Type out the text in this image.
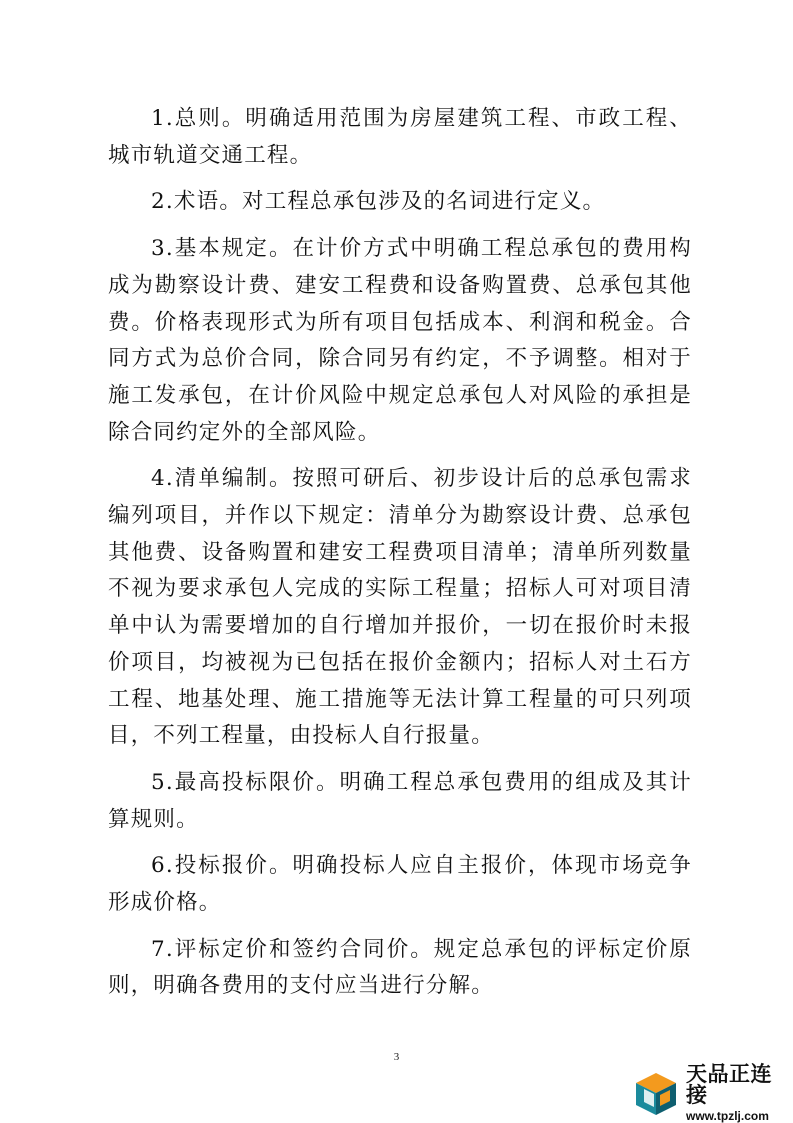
1.总则。明确适用范围为房屋建筑工程、市政工程、城市轨道交通工程。

2.术语。对工程总承包涉及的名词进行定义。

3.基本规定。在计价方式中明确工程总承包的费用构成为勘察设计费、建安工程费和设备购置费、总承包其他费。价格表现形式为所有项目包括成本、利润和税金。合同方式为总价合同，除合同另有约定，不予调整。相对于施工发承包，在计价风险中规定总承包人对风险的承担是除合同约定外的全部风险。

4.清单编制。按照可研后、初步设计后的总承包需求编列项目，并作以下规定：清单分为勘察设计费、总承包其他费、设备购置和建安工程费项目清单；清单所列数量不视为要求承包人完成的实际工程量；招标人可对项目清单中认为需要增加的自行增加并报价，一切在报价时未报价项目，均被视为已包括在报价金额内；招标人对土石方工程、地基处理、施工措施等无法计算工程量的可只列项目，不列工程量，由投标人自行报量。

5.最高投标限价。明确工程总承包费用的组成及其计算规则。

6.投标报价。明确投标人应自主报价，体现市场竞争形成价格。

7.评标定价和签约合同价。规定总承包的评标定价原则，明确各费用的支付应当进行分解。

3
天品正连接
www.tpzlj.com
